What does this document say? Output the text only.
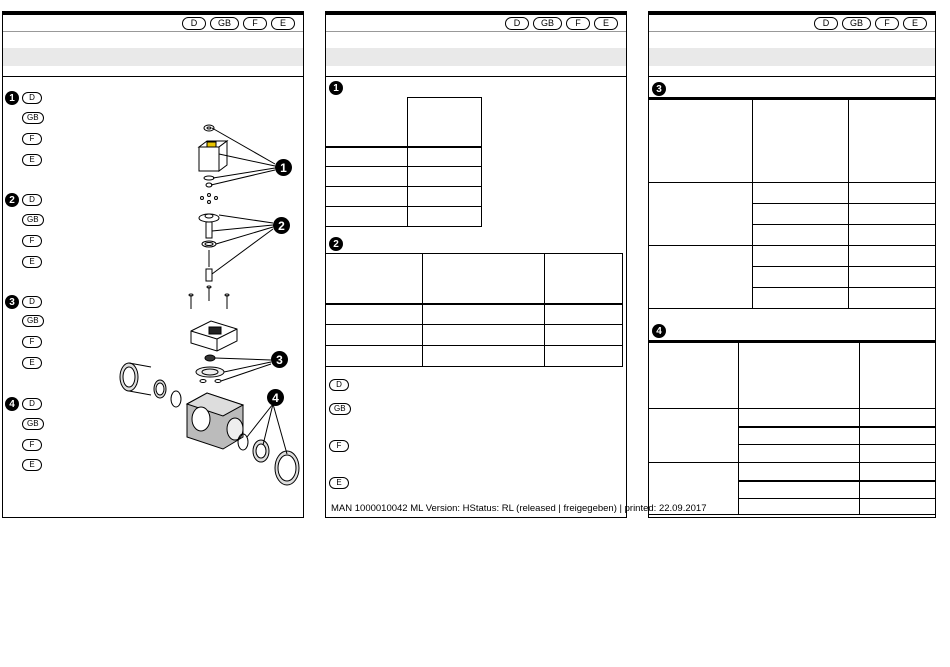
D	GB	F	E
1	D
GB
F
E
2	D
GB
F
E
3	D
GB
F
E
4	D
GB
F
E
1
2
3
4
D	GB	F	E
1

2

D
GB
F
E
D	GB	F	E
3

4

MAN 1000010042 ML Version: HStatus: RL (released | freigegeben) | printed: 22.09.2017
